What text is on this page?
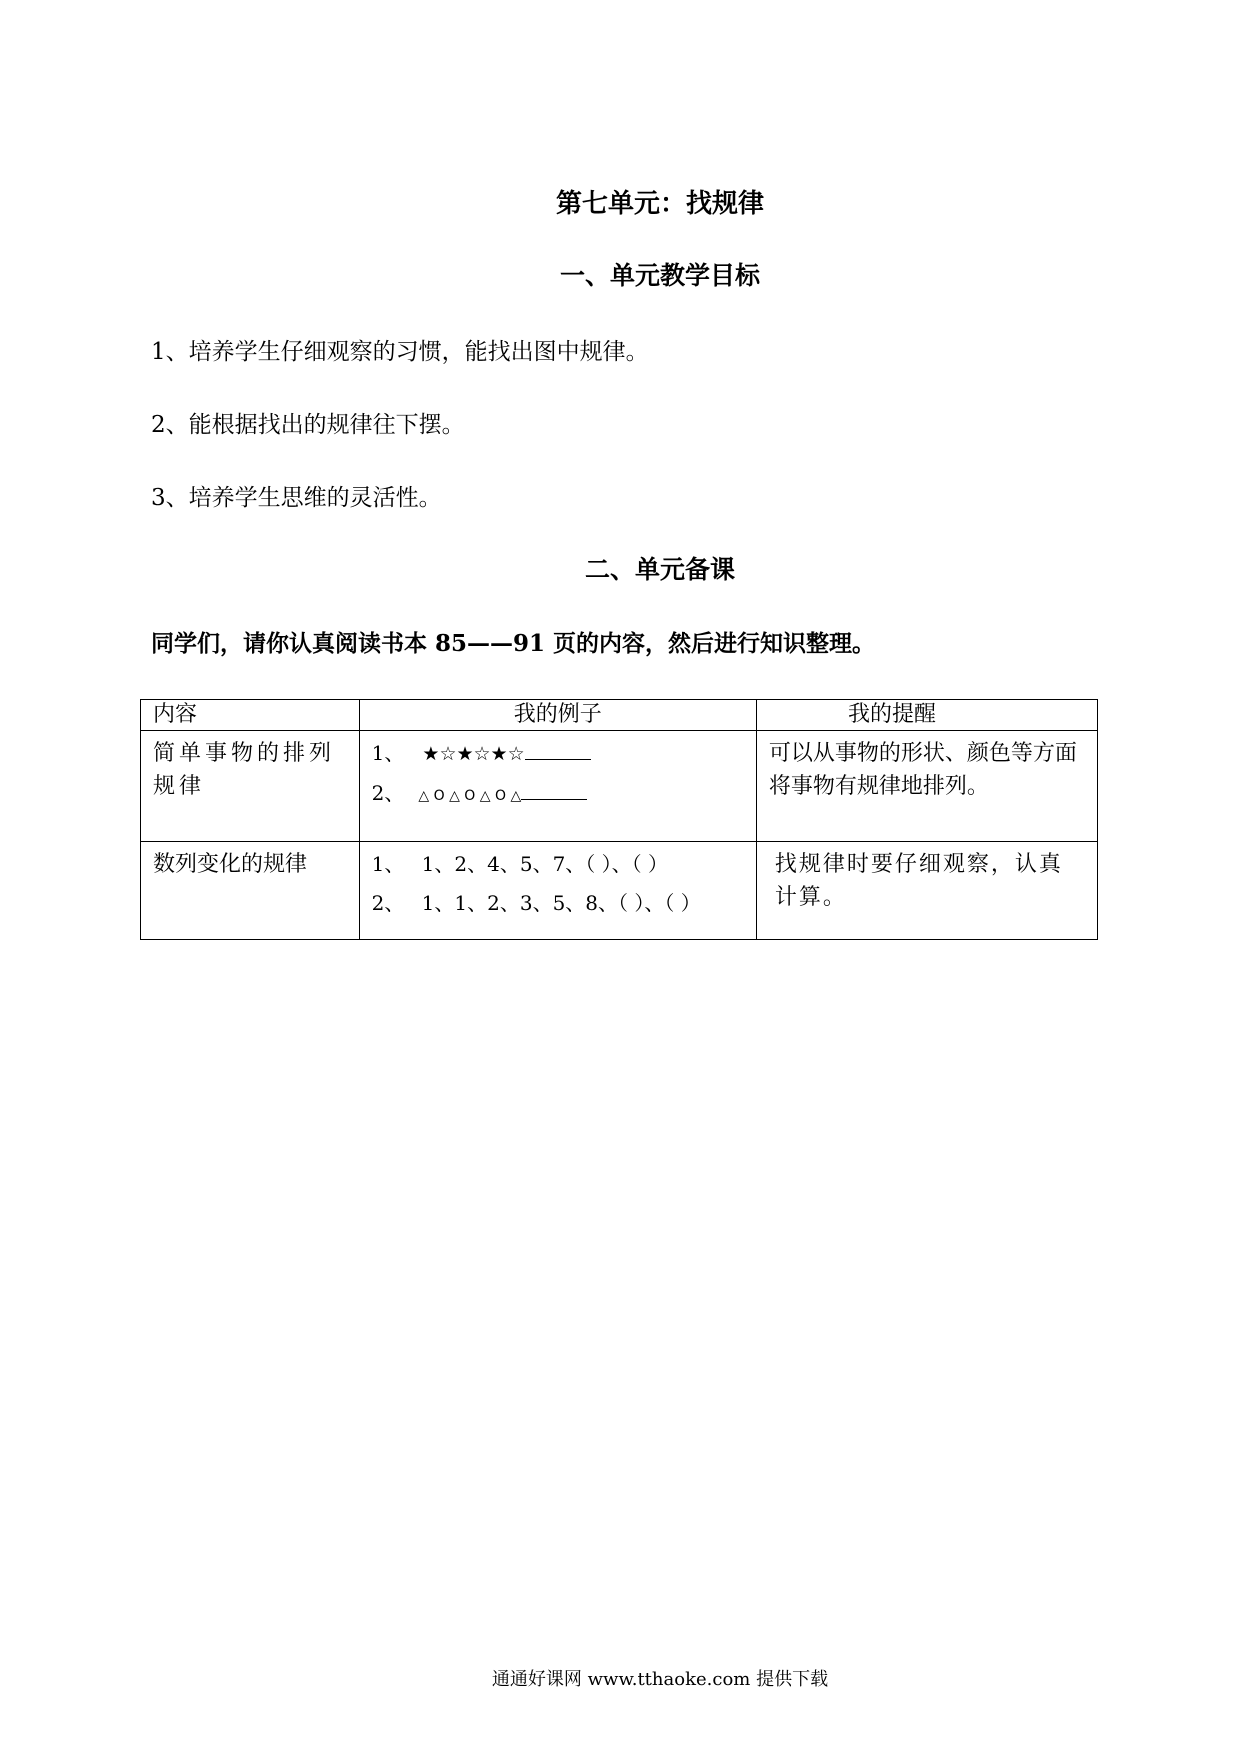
第七单元：找规律
一、单元教学目标
1、培养学生仔细观察的习惯，能找出图中规律。
2、能根据找出的规律往下摆。
3、培养学生思维的灵活性。
二、单元备课
同学们，请你认真阅读书本 85——91 页的内容，然后进行知识整理。
内容	我的例子	我的提醒

简单事物的排列规律	1、 ★☆★☆★☆
2、 △ O △ O △ O △	可以从事物的形状、颜色等方面将事物有规律地排列。

数列变化的规律	1、 1、2、4、5、7、（ ）、（ ）
2、 1、1、2、3、5、8、（ ）、（ ）	找规律时要仔细观察，认真计算。
通通好课网 www.tthaoke.com 提供下载
